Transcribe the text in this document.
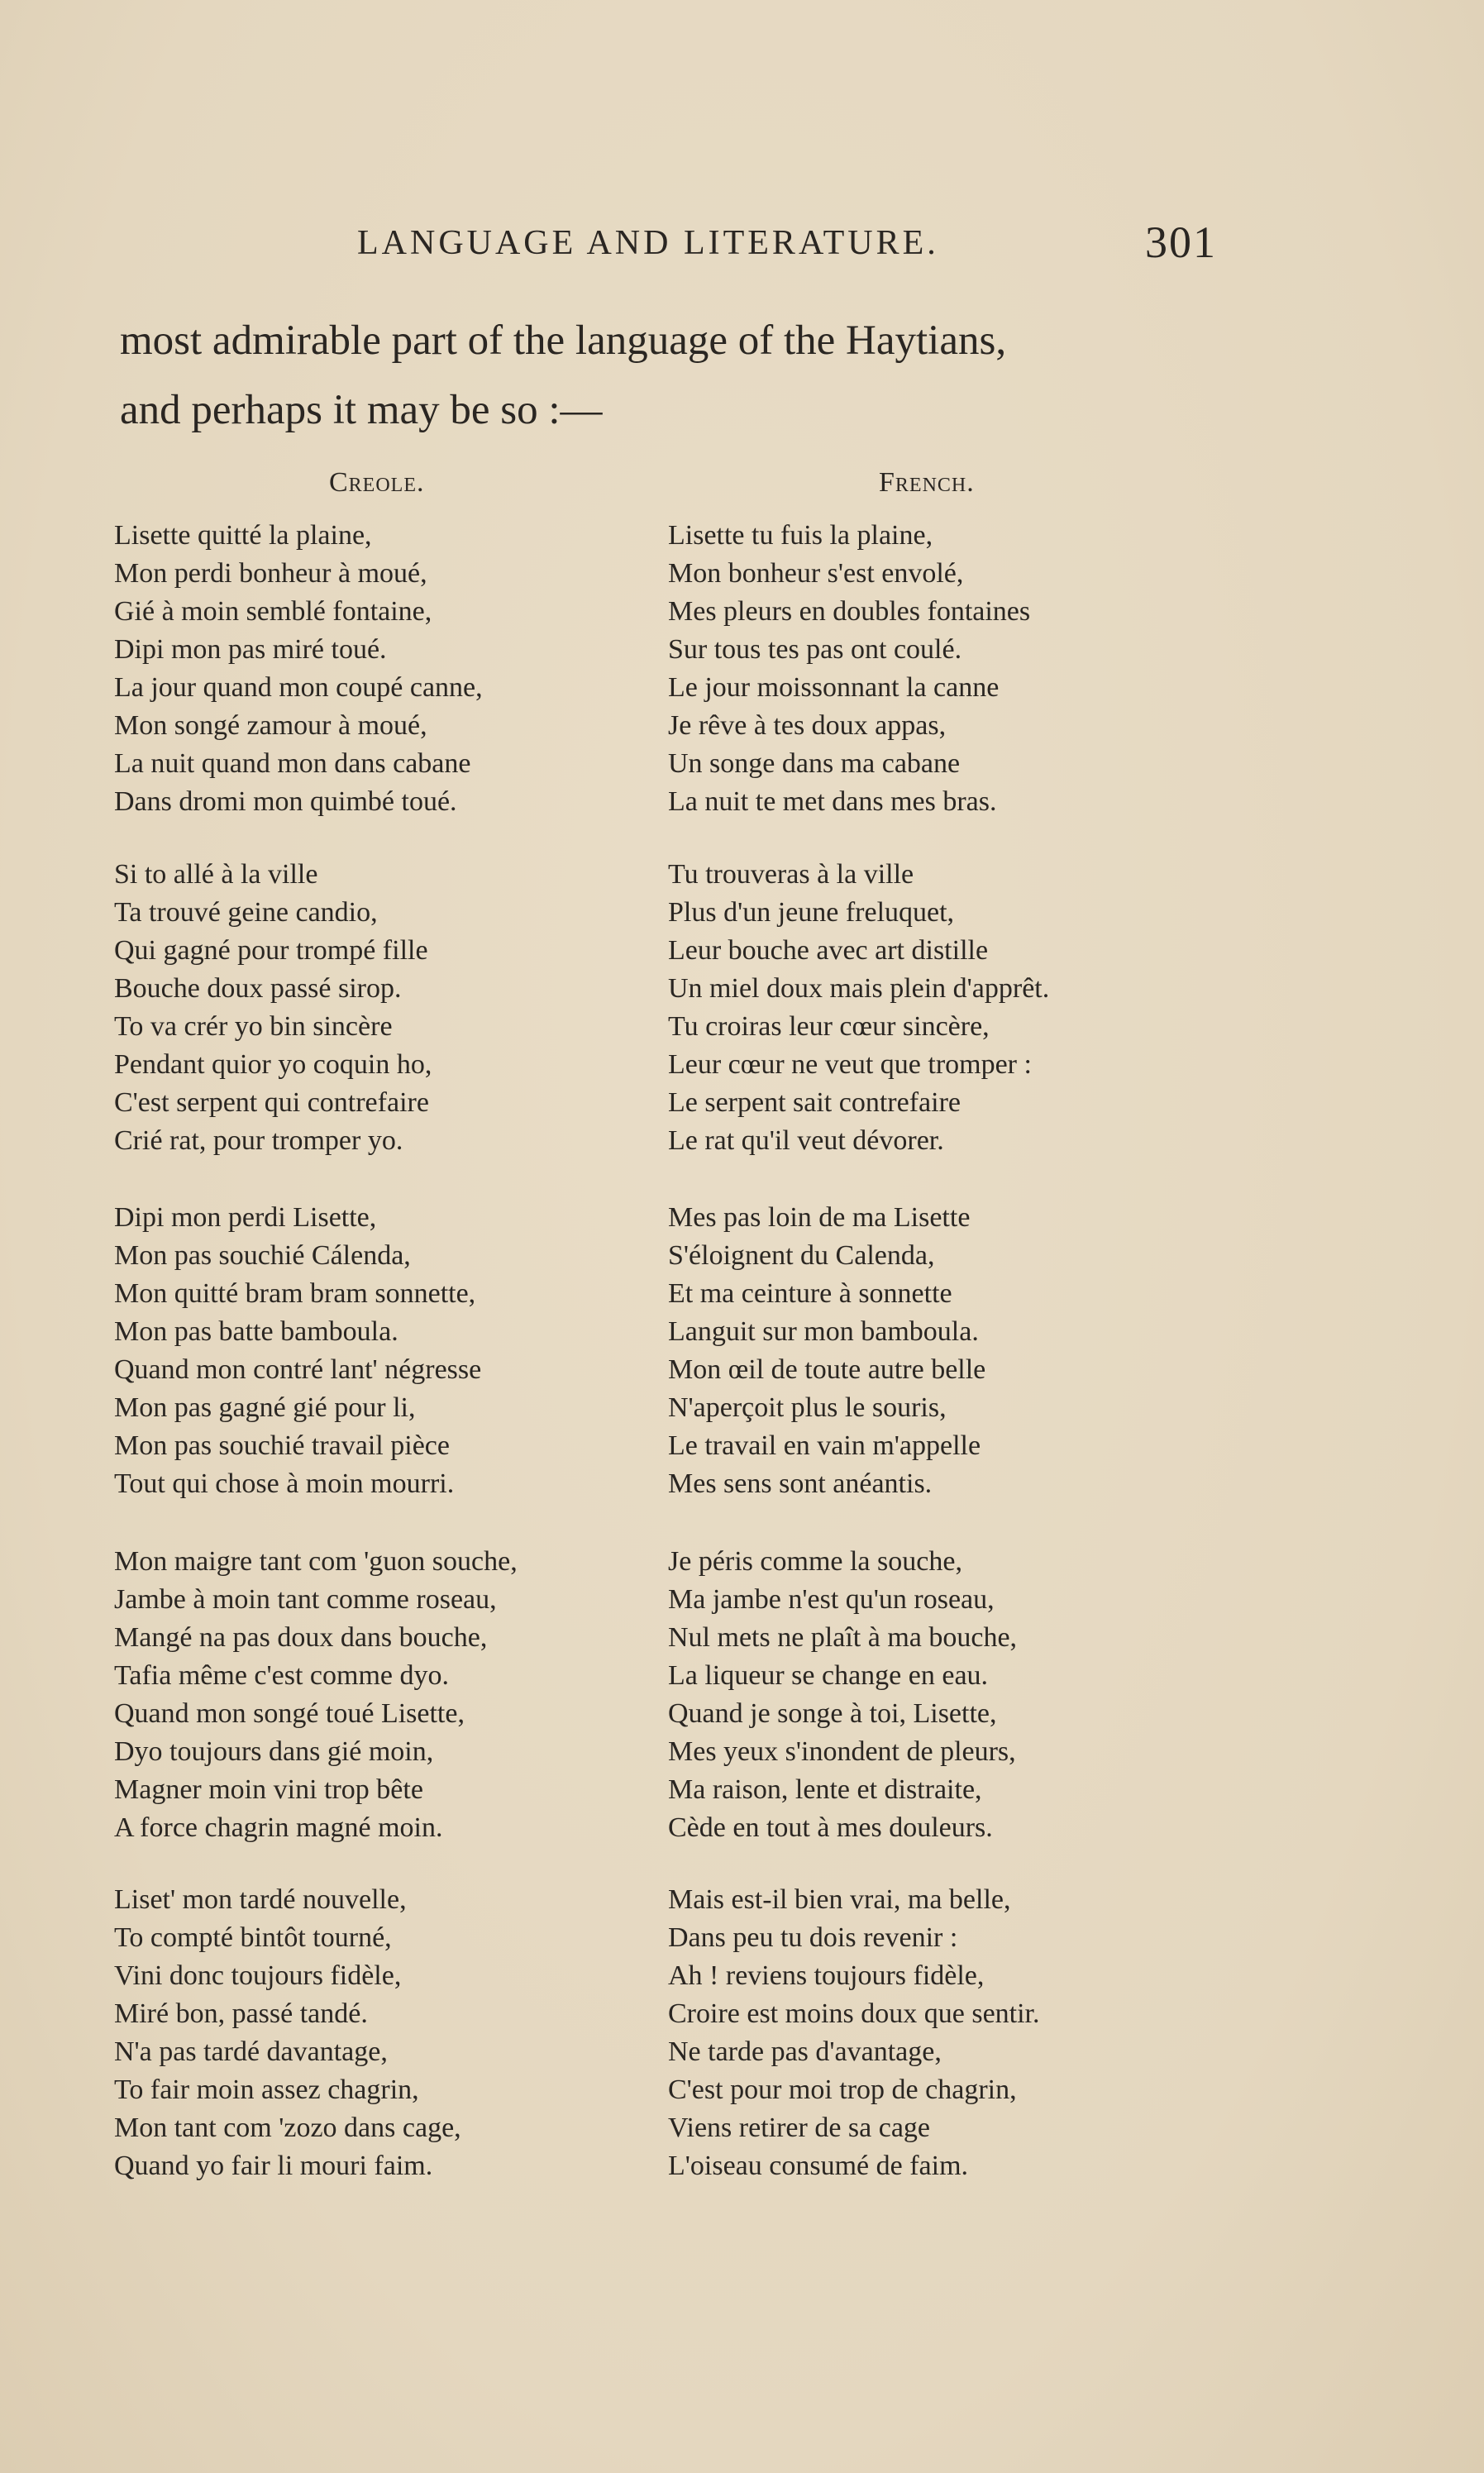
LANGUAGE AND LITERATURE.	301
most admirable part of the language of the Haytians,
and perhaps it may be so :—
Creole.	French.
Lisette quitté la plaine,
Mon perdi bonheur à moué,
Gié à moin semblé fontaine,
Dipi mon pas miré toué.
La jour quand mon coupé canne,
Mon songé zamour à moué,
La nuit quand mon dans cabane
Dans dromi mon quimbé toué.
Si to allé à la ville
Ta trouvé geine candio,
Qui gagné pour trompé fille
Bouche doux passé sirop.
To va crér yo bin sincère
Pendant quior yo coquin ho,
C'est serpent qui contrefaire
Crié rat, pour tromper yo.
Dipi mon perdi Lisette,
Mon pas souchié Cálenda,
Mon quitté bram bram sonnette,
Mon pas batte bamboula.
Quand mon contré lant' négresse
Mon pas gagné gié pour li,
Mon pas souchié travail pièce
Tout qui chose à moin mourri.
Mon maigre tant com 'guon souche,
Jambe à moin tant comme roseau,
Mangé na pas doux dans bouche,
Tafia même c'est comme dyo.
Quand mon songé toué Lisette,
Dyo toujours dans gié moin,
Magner moin vini trop bête
A force chagrin magné moin.
Liset' mon tardé nouvelle,
To compté bintôt tourné,
Vini donc toujours fidèle,
Miré bon, passé tandé.
N'a pas tardé davantage,
To fair moin assez chagrin,
Mon tant com 'zozo dans cage,
Quand yo fair li mouri faim.
Lisette tu fuis la plaine,
Mon bonheur s'est envolé,
Mes pleurs en doubles fontaines
Sur tous tes pas ont coulé.
Le jour moissonnant la canne
Je rêve à tes doux appas,
Un songe dans ma cabane
La nuit te met dans mes bras.
Tu trouveras à la ville
Plus d'un jeune freluquet,
Leur bouche avec art distille
Un miel doux mais plein d'apprêt.
Tu croiras leur cœur sincère,
Leur cœur ne veut que tromper :
Le serpent sait contrefaire
Le rat qu'il veut dévorer.
Mes pas loin de ma Lisette
S'éloignent du Calenda,
Et ma ceinture à sonnette
Languit sur mon bamboula.
Mon œil de toute autre belle
N'aperçoit plus le souris,
Le travail en vain m'appelle
Mes sens sont anéantis.
Je péris comme la souche,
Ma jambe n'est qu'un roseau,
Nul mets ne plaît à ma bouche,
La liqueur se change en eau.
Quand je songe à toi, Lisette,
Mes yeux s'inondent de pleurs,
Ma raison, lente et distraite,
Cède en tout à mes douleurs.
Mais est-il bien vrai, ma belle,
Dans peu tu dois revenir :
Ah ! reviens toujours fidèle,
Croire est moins doux que sentir.
Ne tarde pas d'avantage,
C'est pour moi trop de chagrin,
Viens retirer de sa cage
L'oiseau consumé de faim.
